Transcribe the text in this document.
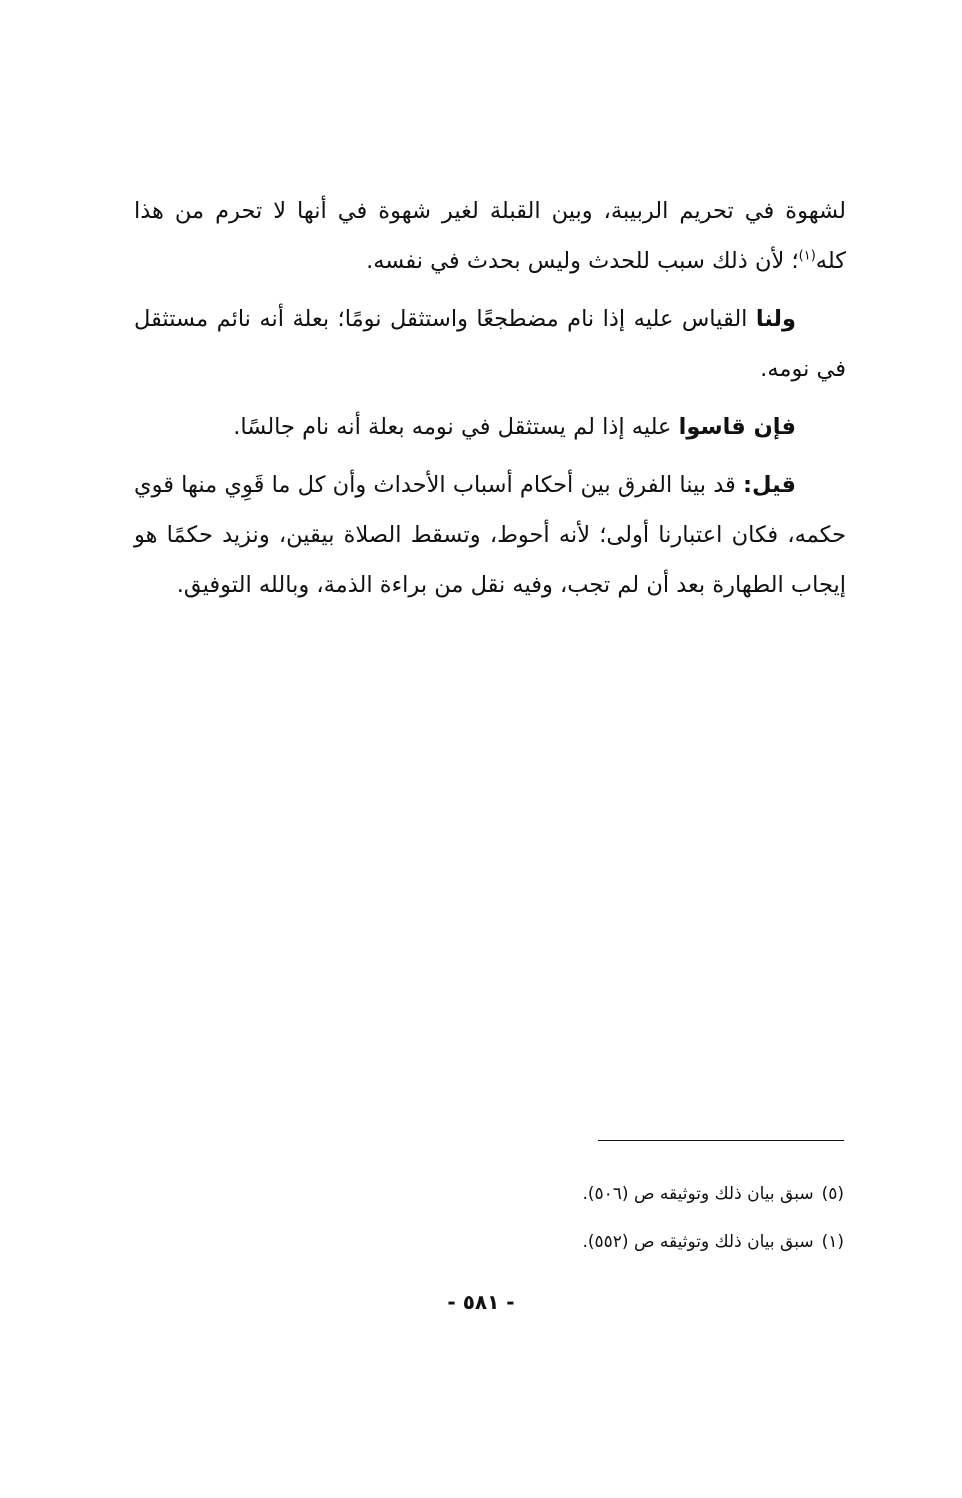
لشهوة في تحريم الربيبة، وبين القبلة لغير شهوة في أنها لا تحرم من هذا كله$^{(١)}$؛ لأن ذلك سبب للحدث وليس بحدث في نفسه.

ولنا القياس عليه إذا نام مضطجعًا واستثقل نومًا؛ بعلة أنه نائم مستثقل في نومه.

فإن قاسوا عليه إذا لم يستثقل في نومه بعلة أنه نام جالسًا.

قيل: قد بينا الفرق بين أحكام أسباب الأحداث وأن كل ما قَوِي منها قوي حكمه، فكان اعتبارنا أولى؛ لأنه أحوط، وتسقط الصلاة بيقين، ونزيد حكمًا هو إيجاب الطهارة بعد أن لم تجب، وفيه نقل من براءة الذمة، وبالله التوفيق.

(٥)سبق بيان ذلك وتوثيقه ص (٥٠٦).

(١)سبق بيان ذلك وتوثيقه ص (٥٥٢).

- ٥٨١ -
